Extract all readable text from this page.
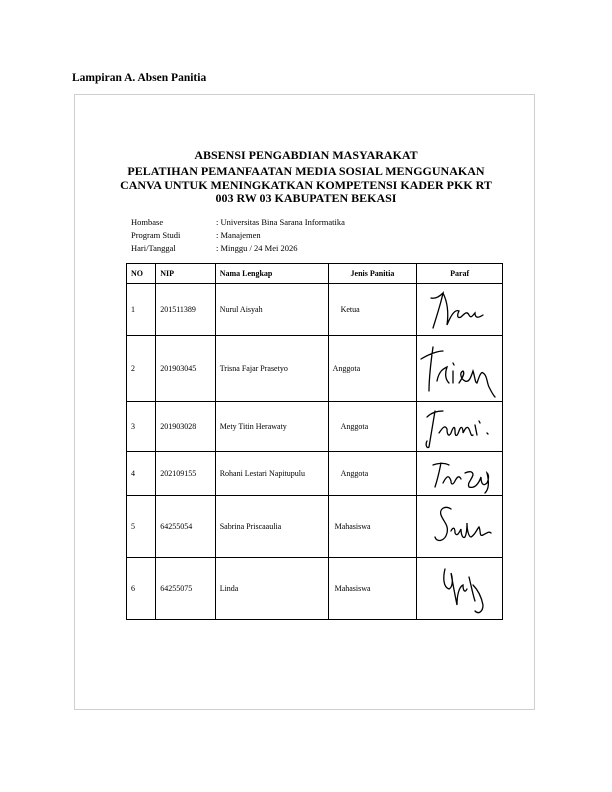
Lampiran A. Absen Panitia
ABSENSI PENGABDIAN MASYARAKAT
PELATIHAN PEMANFAATAN MEDIA SOSIAL MENGGUNAKAN
CANVA UNTUK MENINGKATKAN KOMPETENSI KADER PKK RT
003 RW 03 KABUPATEN BEKASI
Hombase	: Universitas Bina Sarana Informatika
Program Studi	: Manajemen
Hari/Tanggal	: Minggu / 24 Mei 2026
NO	NIP	Nama Lengkap	Jenis Panitia	Paraf
1	201511389	Nurul Aisyah	Ketua	

2	201903045	Trisna Fajar Prasetyo	Anggota	

3	201903028	Mety Titin Herawaty	Anggota	

4	202109155	Rohani Lestari Napitupulu	Anggota	

5	64255054	Sabrina Priscaaulia	Mahasiswa	

6	64255075	Linda	Mahasiswa	
